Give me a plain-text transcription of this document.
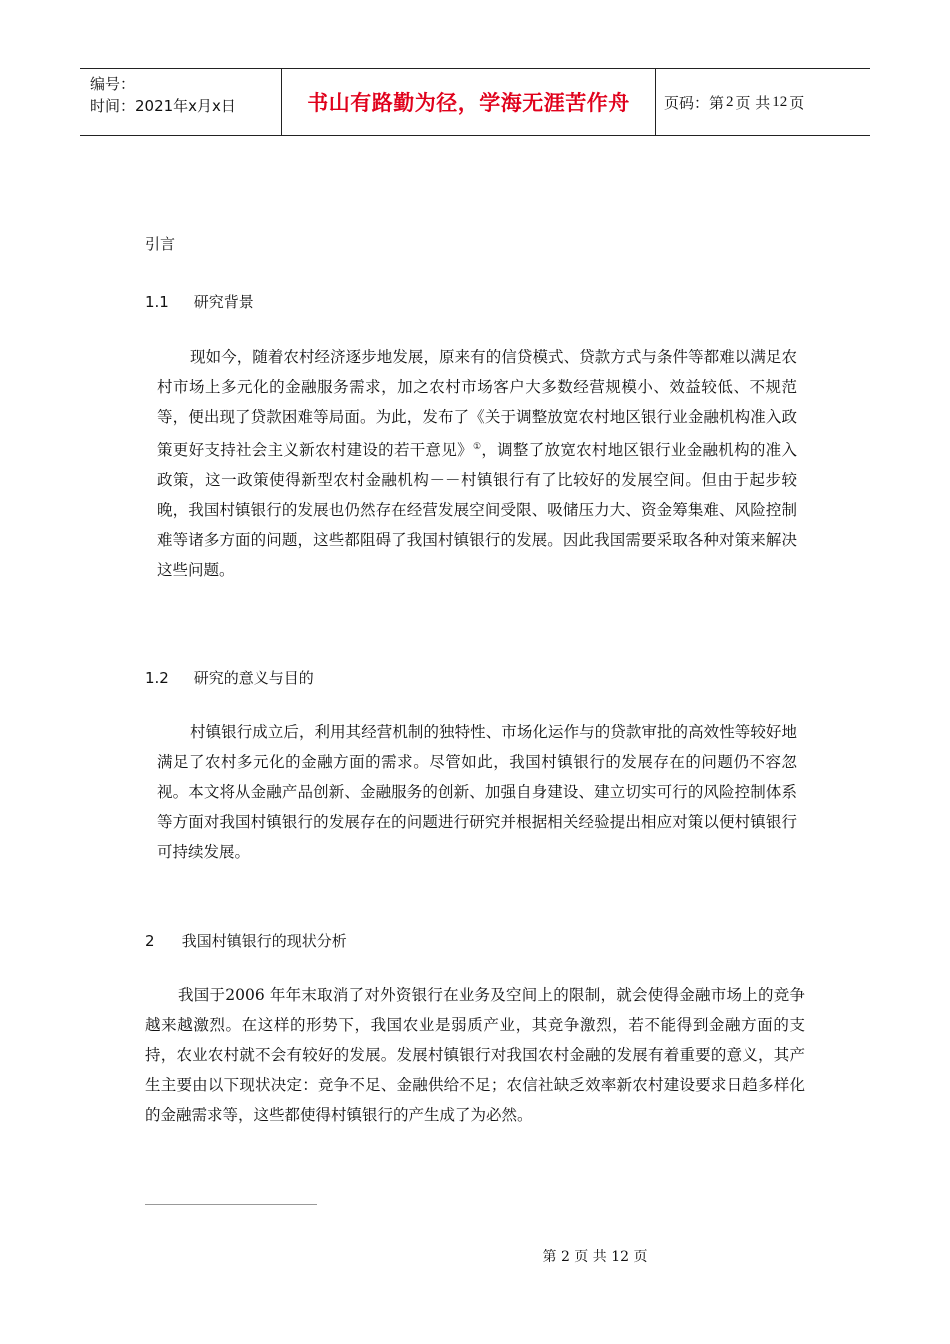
编号：
时间：2021年x月x日	书山有路勤为径，学海无涯苦作舟	页码：第 2 页 共 12 页
引言
1.1 研究背景
现如今，随着农村经济逐步地发展，原来有的信贷模式、贷款方式与条件等都难以满足农村市场上多元化的金融服务需求，加之农村市场客户大多数经营规模小、效益较低、不规范等，便出现了贷款困难等局面。为此，发布了《关于调整放宽农村地区银行业金融机构准入政策更好支持社会主义新农村建设的若干意见》①，调整了放宽农村地区银行业金融机构的准入政策，这一政策使得新型农村金融机构－－村镇银行有了比较好的发展空间。但由于起步较晚，我国村镇银行的发展也仍然存在经营发展空间受限、吸储压力大、资金筹集难、风险控制难等诸多方面的问题，这些都阻碍了我国村镇银行的发展。因此我国需要采取各种对策来解决这些问题。
1.2 研究的意义与目的
村镇银行成立后，利用其经营机制的独特性、市场化运作与的贷款审批的高效性等较好地满足了农村多元化的金融方面的需求。尽管如此，我国村镇银行的发展存在的问题仍不容忽视。本文将从金融产品创新、金融服务的创新、加强自身建设、建立切实可行的风险控制体系等方面对我国村镇银行的发展存在的问题进行研究并根据相关经验提出相应对策以便村镇银行可持续发展。
2 我国村镇银行的现状分析
我国于2006 年年末取消了对外资银行在业务及空间上的限制，就会使得金融市场上的竞争越来越激烈。在这样的形势下，我国农业是弱质产业，其竞争激烈，若不能得到金融方面的支持，农业农村就不会有较好的发展。发展村镇银行对我国农村金融的发展有着重要的意义，其产生主要由以下现状决定：竞争不足、金融供给不足；农信社缺乏效率新农村建设要求日趋多样化的金融需求等，这些都使得村镇银行的产生成了为必然。
第 2 页 共 12 页
